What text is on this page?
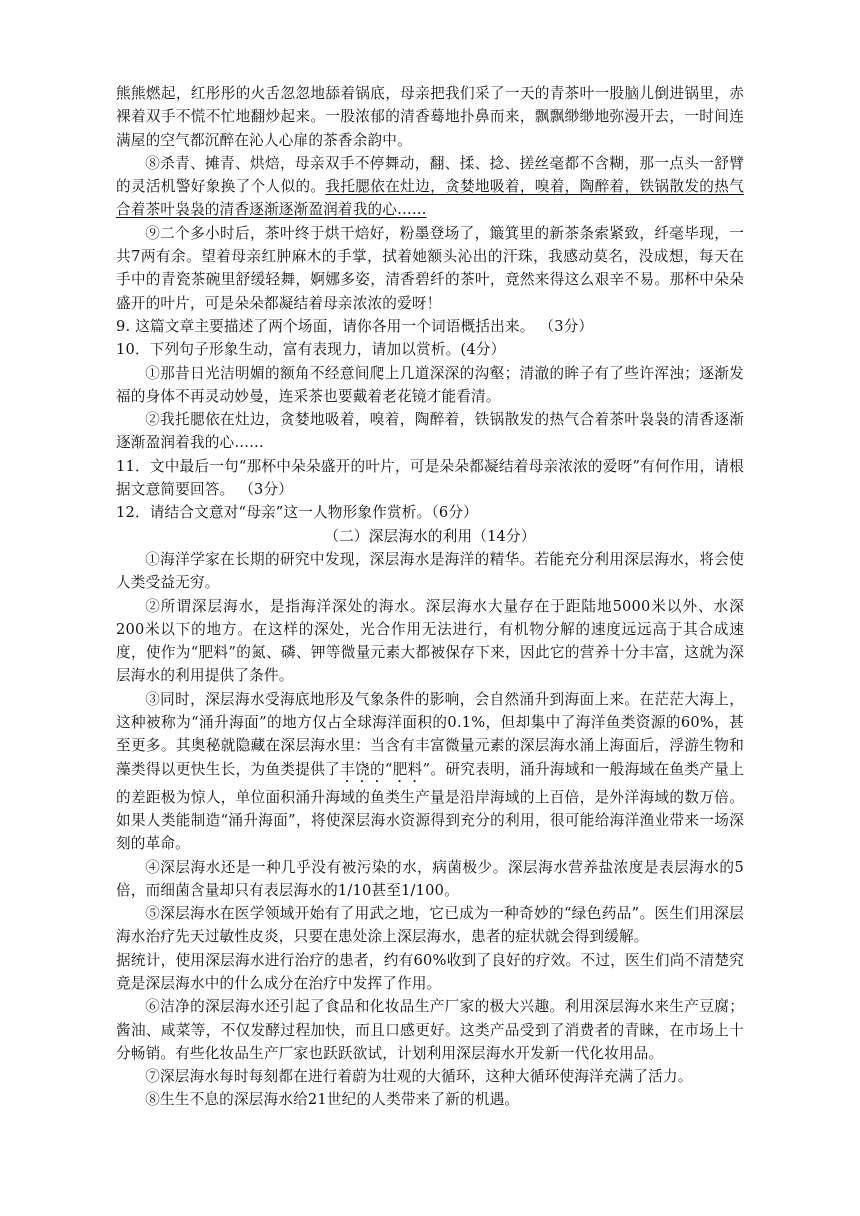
熊熊燃起，红彤彤的火舌忽忽地舔着锅底，母亲把我们采了一天的青茶叶一股脑儿倒进锅里，赤裸着双手不慌不忙地翻炒起来。一股浓郁的清香蓦地扑鼻而来，飘飘缈缈地弥漫开去，一时间连满屋的空气都沉醉在沁人心扉的茶香余韵中。

⑧杀青、摊青、烘焙，母亲双手不停舞动，翻、揉、捻、搓丝毫都不含糊，那一点头一舒臂的灵活机警好象换了个人似的。我托腮依在灶边，贪婪地吸着，嗅着，陶醉着，铁锅散发的热气合着茶叶袅袅的清香逐渐逐渐盈润着我的心……

⑨二个多小时后，茶叶终于烘干焙好，粉墨登场了，簸箕里的新茶条索紧致，纤毫毕现，一共7两有余。望着母亲红肿麻木的手掌，拭着她额头沁出的汗珠，我感动莫名，没成想，每天在手中的青瓷茶碗里舒缓轻舞，婀娜多姿，清香碧纤的茶叶，竟然来得这么艰辛不易。那杯中朵朵盛开的叶片，可是朵朵都凝结着母亲浓浓的爱呀！

9. 这篇文章主要描述了两个场面，请你各用一个词语概括出来。 （3分）

10．下列句子形象生动，富有表现力，请加以赏析。(4分）

①那昔日光洁明媚的额角不经意间爬上几道深深的沟壑；清澈的眸子有了些许浑浊；逐渐发福的身体不再灵动妙曼，连采茶也要戴着老花镜才能看清。

②我托腮依在灶边，贪婪地吸着，嗅着，陶醉着，铁锅散发的热气合着茶叶袅袅的清香逐渐逐渐盈润着我的心……

11．文中最后一句“那杯中朵朵盛开的叶片，可是朵朵都凝结着母亲浓浓的爱呀”有何作用，请根据文意简要回答。 （3分）

12．请结合文意对“母亲”这一人物形象作赏析。（6分）

（二）深层海水的利用（14分）

①海洋学家在长期的研究中发现，深层海水是海洋的精华。若能充分利用深层海水，将会使人类受益无穷。

②所谓深层海水，是指海洋深处的海水。深层海水大量存在于距陆地5000米以外、水深200米以下的地方。在这样的深处，光合作用无法进行，有机物分解的速度远远高于其合成速度，使作为“肥料”的氮、磷、钾等微量元素大都被保存下来，因此它的营养十分丰富，这就为深层海水的利用提供了条件。

③同时，深层海水受海底地形及气象条件的影响，会自然涌升到海面上来。在茫茫大海上，这种被称为“涌升海面”的地方仅占全球海洋面积的0.1%，但却集中了海洋鱼类资源的60%，甚至更多。其奥秘就隐藏在深层海水里：当含有丰富微量元素的深层海水涌上海面后，浮游生物和藻类得以更快生长，为鱼类提供了丰饶的“肥料”。研究表明，涌升海域和一般海域在鱼类产量上的差距极为惊人，单位面积涌升海域的鱼类生产量是沿岸海域的上百倍，是外洋海域的数万倍。如果人类能制造“涌升海面”，将使深层海水资源得到充分的利用，很可能给海洋渔业带来一场深刻的革命。

④深层海水还是一种几乎没有被污染的水，病菌极少。深层海水营养盐浓度是表层海水的5倍，而细菌含量却只有表层海水的1/10甚至1/100。

⑤深层海水在医学领域开始有了用武之地，它已成为一种奇妙的“绿色药品”。医生们用深层海水治疗先天过敏性皮炎，只要在患处涂上深层海水，患者的症状就会得到缓解。

据统计，使用深层海水进行治疗的患者，约有60%收到了良好的疗效。不过，医生们尚不清楚究竟是深层海水中的什么成分在治疗中发挥了作用。

⑥洁净的深层海水还引起了食品和化妆品生产厂家的极大兴趣。利用深层海水来生产豆腐；酱油、咸菜等，不仅发酵过程加快，而且口感更好。这类产品受到了消费者的青睐，在市场上十分畅销。有些化妆品生产厂家也跃跃欲试，计划利用深层海水开发新一代化妆用品。

⑦深层海水每时每刻都在进行着蔚为壮观的大循环，这种大循环使海洋充满了活力。

⑧生生不息的深层海水给21世纪的人类带来了新的机遇。
